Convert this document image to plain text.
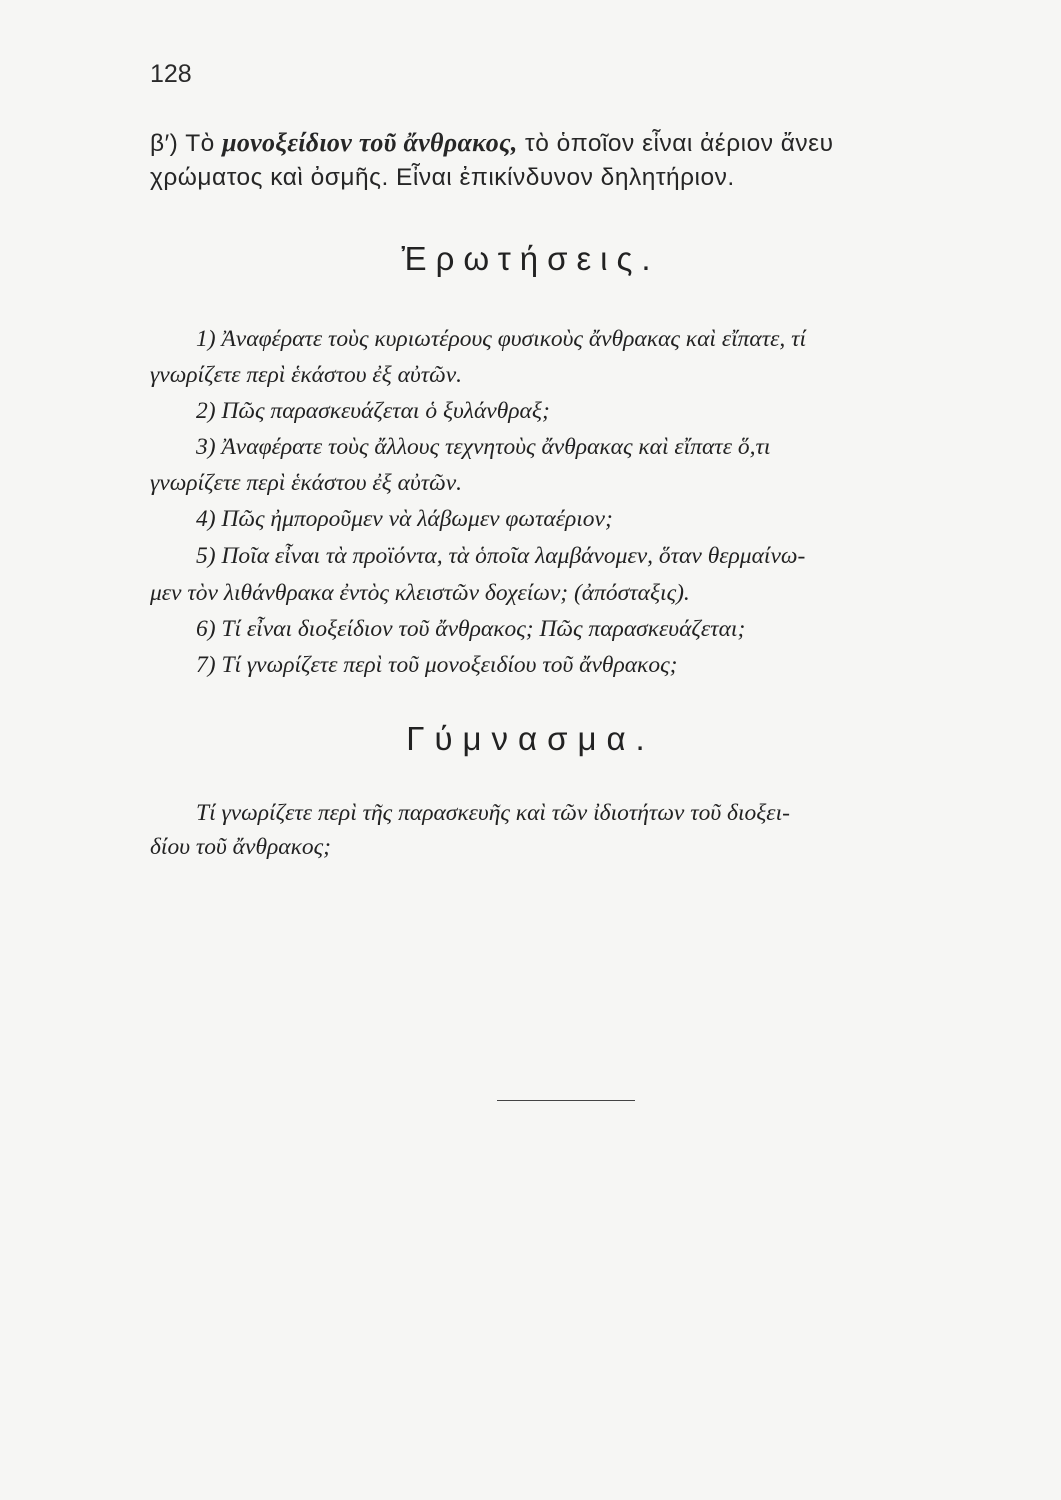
128
β′) Τὸ μονοξείδιον τοῦ ἄνθρακος, τὸ ὁποῖον εἶναι ἀέριον ἄνευ
χρώματος καὶ ὀσμῆς. Εἶναι ἐπικίνδυνον δηλητήριον.
Ἐρωτήσεις.
1) Ἀναφέρατε τοὺς κυριωτέρους φυσικοὺς ἄνθρακας καὶ εἴπατε, τί
γνωρίζετε περὶ ἑκάστου ἐξ αὐτῶν.
2) Πῶς παρασκευάζεται ὁ ξυλάνθραξ;
3) Ἀναφέρατε τοὺς ἄλλους τεχνητοὺς ἄνθρακας καὶ εἴπατε ὅ,τι
γνωρίζετε περὶ ἑκάστου ἐξ αὐτῶν.
4) Πῶς ἠμποροῦμεν νὰ λάβωμεν φωταέριον;
5) Ποῖα εἶναι τὰ προϊόντα, τὰ ὁποῖα λαμβάνομεν, ὅταν θερμαίνω-
μεν τὸν λιθάνθρακα ἐντὸς κλειστῶν δοχείων; (ἀπόσταξις).
6) Τί εἶναι διοξείδιον τοῦ ἄνθρακος; Πῶς παρασκευάζεται;
7) Τί γνωρίζετε περὶ τοῦ μονοξειδίου τοῦ ἄνθρακος;
Γύμνασμα.
Τί γνωρίζετε περὶ τῆς παρασκευῆς καὶ τῶν ἰδιοτήτων τοῦ διοξει-
δίου τοῦ ἄνθρακος;
